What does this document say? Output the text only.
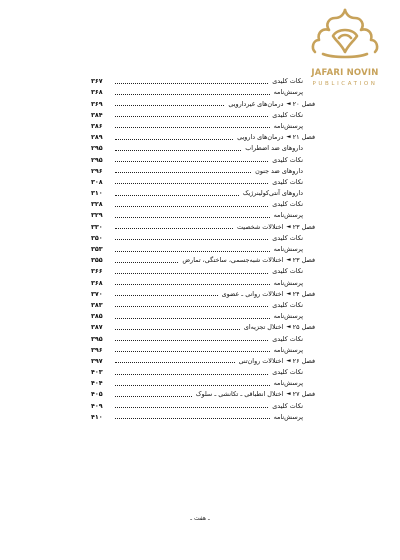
JAFARI NOVIN
PUBLICATION
نکات کلیدی
۳۶۷
پرسش‌نامه
۳۶۸
فصل ۲۰
◄
درمان‌های غیردارویی
۳۶۹
نکات کلیدی
۳۸۴
پرسش‌نامه
۳۸۶
فصل ۲۱
◄
درمان‌های دارویی
۲۸۹
داروهای ضد اضطراب
۲۹۵
نکات کلیدی
۲۹۵
داروهای ضد جنون
۲۹۶
نکات کلیدی
۳۰۸
داروهای آنتی‌کولینرژیک
۳۱۰
نکات کلیدی
۳۲۸
پرسش‌نامه
۳۲۹
فصل ۲۳
◄
اختلالات شخصیت
۳۳۰
نکات کلیدی
۳۵۰
پرسش‌نامه
۳۵۳
فصل ۲۳
◄
اختلالات شبه‌جسمی، ساختگی، تمارض
۳۵۵
نکات کلیدی
۳۶۶
پرسش‌نامه
۳۶۸
فصل ۲۴
◄
اختلالات روانی ـ عضوی
۳۷۰
نکات کلیدی
۳۸۳
پرسش‌نامه
۳۸۵
فصل ۲۵
◄
اختلال تجزیه‌ای
۳۸۷
نکات کلیدی
۳۹۵
پرسش‌نامه
۳۹۶
فصل ۲۶
◄
اختلالات روان‌تنی
۳۹۷
نکات کلیدی
۴۰۳
پرسش‌نامه
۴۰۴
فصل ۲۷
◄
اختلال انطباقی ـ تکانشی ـ سلوک
۴۰۵
نکات کلیدی
۴۰۹
پرسش‌نامه
۴۱۰
ـ هفت ـ
